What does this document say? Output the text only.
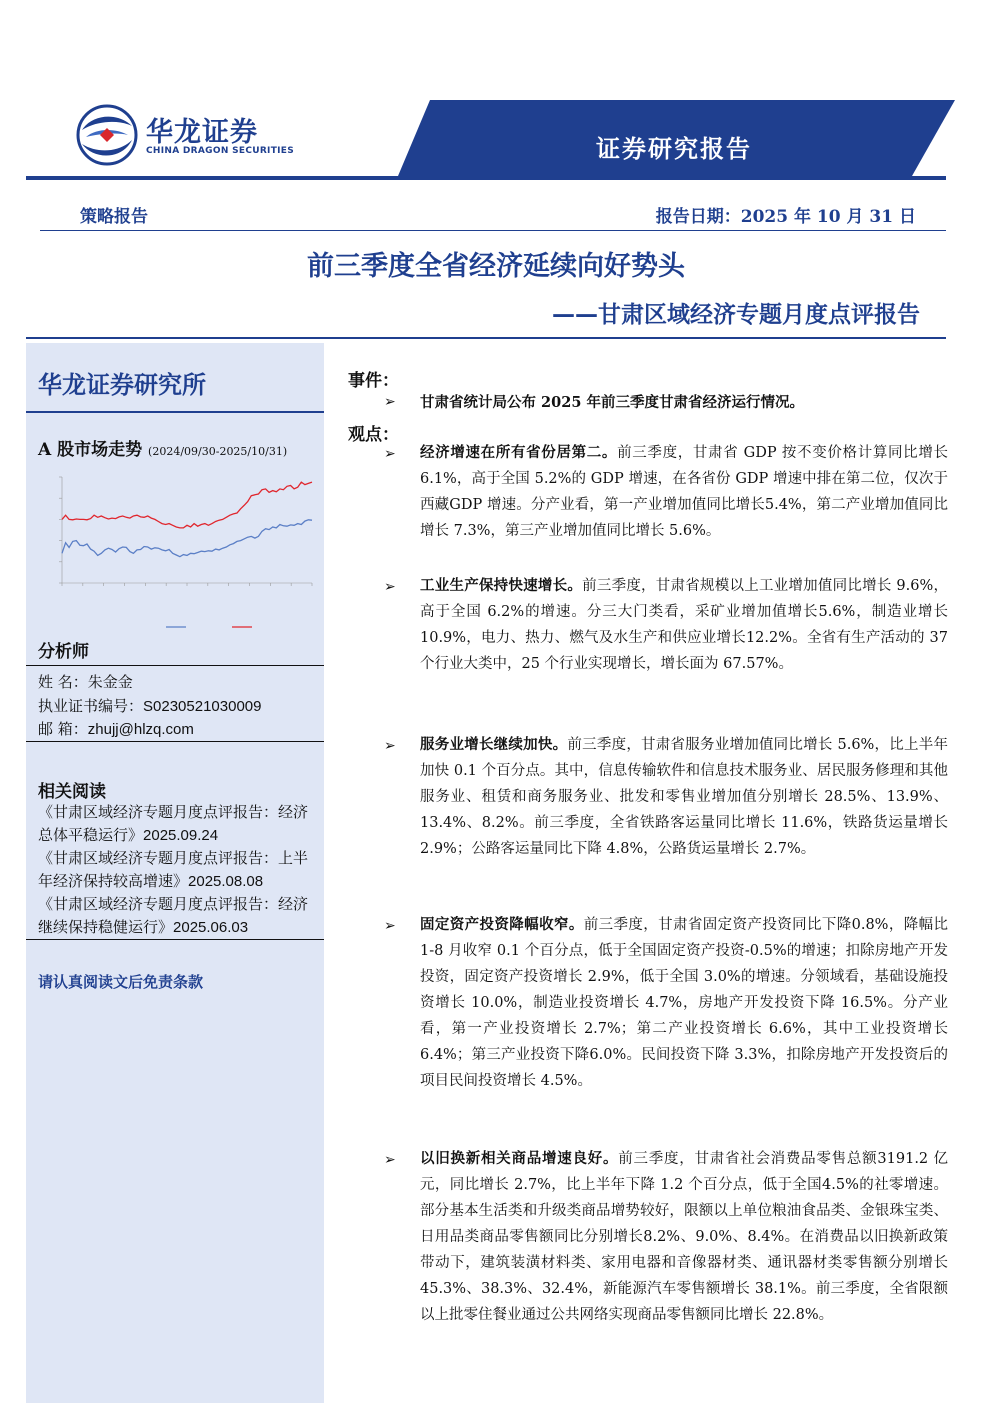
华龙证券
CHINA DRAGON SECURITIES	证券研究报告
策略报告	报告日期：2025 年 10 月 31 日
前三季度全省经济延续向好势头
——甘肃区域经济专题月度点评报告
华龙证券研究所
A 股市场走势 (2024/09/30-2025/10/31)
分析师
姓 名：朱金金
执业证书编号：S0230521030009
邮 箱：zhujj@hlzq.com
相关阅读
《甘肃区域经济专题月度点评报告：经济总体平稳运行》2025.09.24
《甘肃区域经济专题月度点评报告：上半年经济保持较高增速》2025.08.08
《甘肃区域经济专题月度点评报告：经济继续保持稳健运行》2025.06.03
请认真阅读文后免责条款
事件：
➢ 甘肃省统计局公布 2025 年前三季度甘肃省经济运行情况。
观点：
➢ 经济增速在所有省份居第二。前三季度，甘肃省 GDP 按不变价格计算同比增长 6.1%，高于全国 5.2%的 GDP 增速，在各省份 GDP 增速中排在第二位，仅次于西藏GDP 增速。分产业看，第一产业增加值同比增长5.4%，第二产业增加值同比增长 7.3%，第三产业增加值同比增长 5.6%。
➢ 工业生产保持快速增长。前三季度，甘肃省规模以上工业增加值同比增长 9.6%，高于全国 6.2%的增速。分三大门类看，采矿业增加值增长5.6%，制造业增长 10.9%，电力、热力、燃气及水生产和供应业增长12.2%。全省有生产活动的 37 个行业大类中，25 个行业实现增长，增长面为 67.57%。
➢ 服务业增长继续加快。前三季度，甘肃省服务业增加值同比增长 5.6%，比上半年加快 0.1 个百分点。其中，信息传输软件和信息技术服务业、居民服务修理和其他服务业、租赁和商务服务业、批发和零售业增加值分别增长 28.5%、13.9%、13.4%、8.2%。前三季度，全省铁路客运量同比增长 11.6%，铁路货运量增长 2.9%；公路客运量同比下降 4.8%，公路货运量增长 2.7%。
➢ 固定资产投资降幅收窄。前三季度，甘肃省固定资产投资同比下降0.8%，降幅比 1-8 月收窄 0.1 个百分点，低于全国固定资产投资-0.5%的增速；扣除房地产开发投资，固定资产投资增长 2.9%，低于全国 3.0%的增速。分领域看，基础设施投资增长 10.0%，制造业投资增长 4.7%，房地产开发投资下降 16.5%。分产业看，第一产业投资增长 2.7%；第二产业投资增长 6.6%，其中工业投资增长 6.4%；第三产业投资下降6.0%。民间投资下降 3.3%，扣除房地产开发投资后的项目民间投资增长 4.5%。
➢ 以旧换新相关商品增速良好。前三季度，甘肃省社会消费品零售总额3191.2 亿元，同比增长 2.7%，比上半年下降 1.2 个百分点，低于全国4.5%的社零增速。部分基本生活类和升级类商品增势较好，限额以上单位粮油食品类、金银珠宝类、日用品类商品零售额同比分别增长8.2%、9.0%、8.4%。在消费品以旧换新政策带动下，建筑装潢材料类、家用电器和音像器材类、通讯器材类零售额分别增长 45.3%、38.3%、32.4%，新能源汽车零售额增长 38.1%。前三季度，全省限额以上批零住餐业通过公共网络实现商品零售额同比增长 22.8%。
